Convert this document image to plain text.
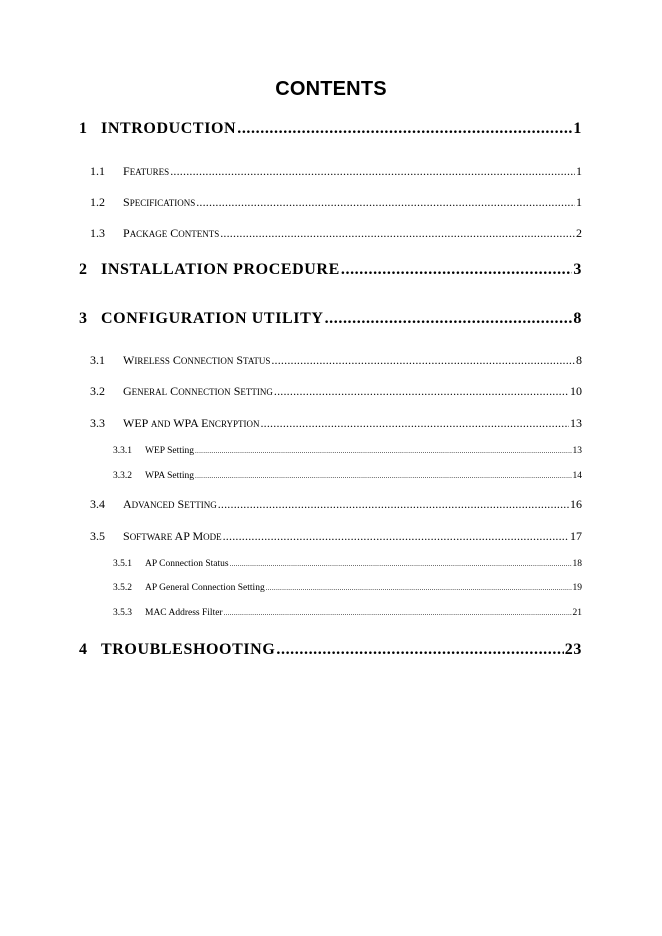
CONTENTS
1 INTRODUCTION .....	1
1.1	FEATURES .....	1
1.2	SPECIFICATIONS .....	1
1.3	PACKAGE CONTENTS .....	2
2 INSTALLATION PROCEDURE .....	3
3 CONFIGURATION UTILITY .....	8
3.1	WIRELESS CONNECTION STATUS .....	8
3.2	GENERAL CONNECTION SETTING .....	10
3.3	WEP AND WPA ENCRYPTION .....	13
3.3.1	WEP Setting .....	13
3.3.2	WPA Setting .....	14
3.4	ADVANCED SETTING .....	16
3.5	SOFTWARE AP MODE .....	17
3.5.1	AP Connection Status .....	18
3.5.2	AP General Connection Setting .....	19
3.5.3	MAC Address Filter .....	21
4 TROUBLESHOOTING .....	23
